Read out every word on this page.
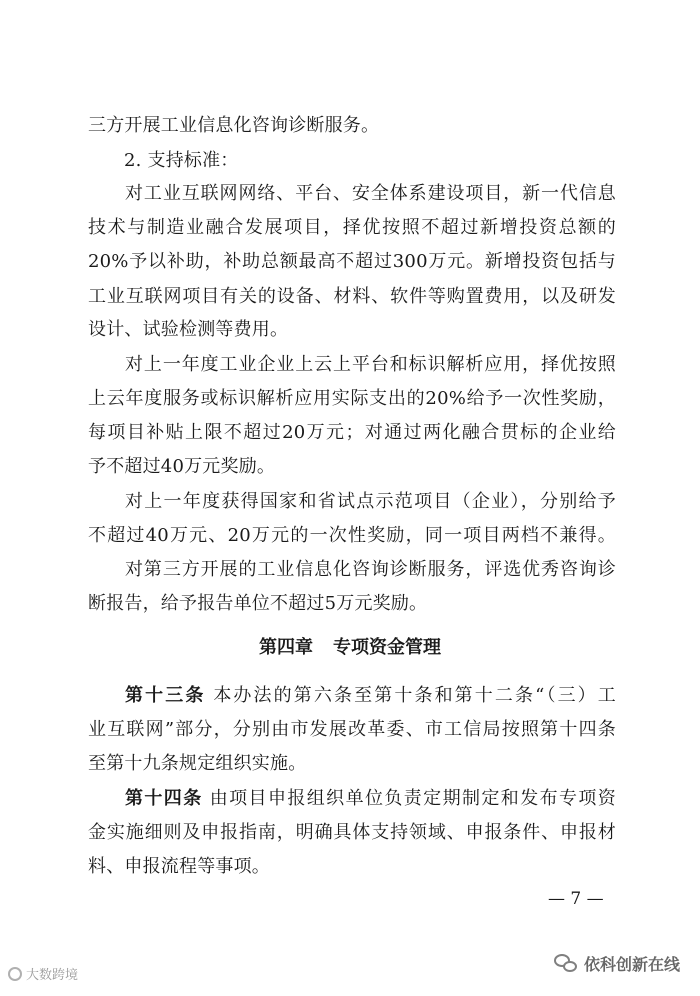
三方开展工业信息化咨询诊断服务。
2. 支持标准：
对工业互联网网络、平台、安全体系建设项目，新一代信息
技术与制造业融合发展项目，择优按照不超过新增投资总额的
20%予以补助，补助总额最高不超过300万元。新增投资包括与
工业互联网项目有关的设备、材料、软件等购置费用，以及研发
设计、试验检测等费用。
对上一年度工业企业上云上平台和标识解析应用，择优按照
上云年度服务或标识解析应用实际支出的20%给予一次性奖励，
每项目补贴上限不超过20万元；对通过两化融合贯标的企业给
予不超过40万元奖励。
对上一年度获得国家和省试点示范项目（企业），分别给予
不超过40万元、20万元的一次性奖励，同一项目两档不兼得。
对第三方开展的工业信息化咨询诊断服务，评选优秀咨询诊
断报告，给予报告单位不超过5万元奖励。
第四章 专项资金管理
第十三条 本办法的第六条至第十条和第十二条“（三）工
业互联网”部分，分别由市发展改革委、市工信局按照第十四条
至第十九条规定组织实施。
第十四条 由项目申报组织单位负责定期制定和发布专项资
金实施细则及申报指南，明确具体支持领域、申报条件、申报材
料、申报流程等事项。
— 7 —
大数跨境
依科创新在线
